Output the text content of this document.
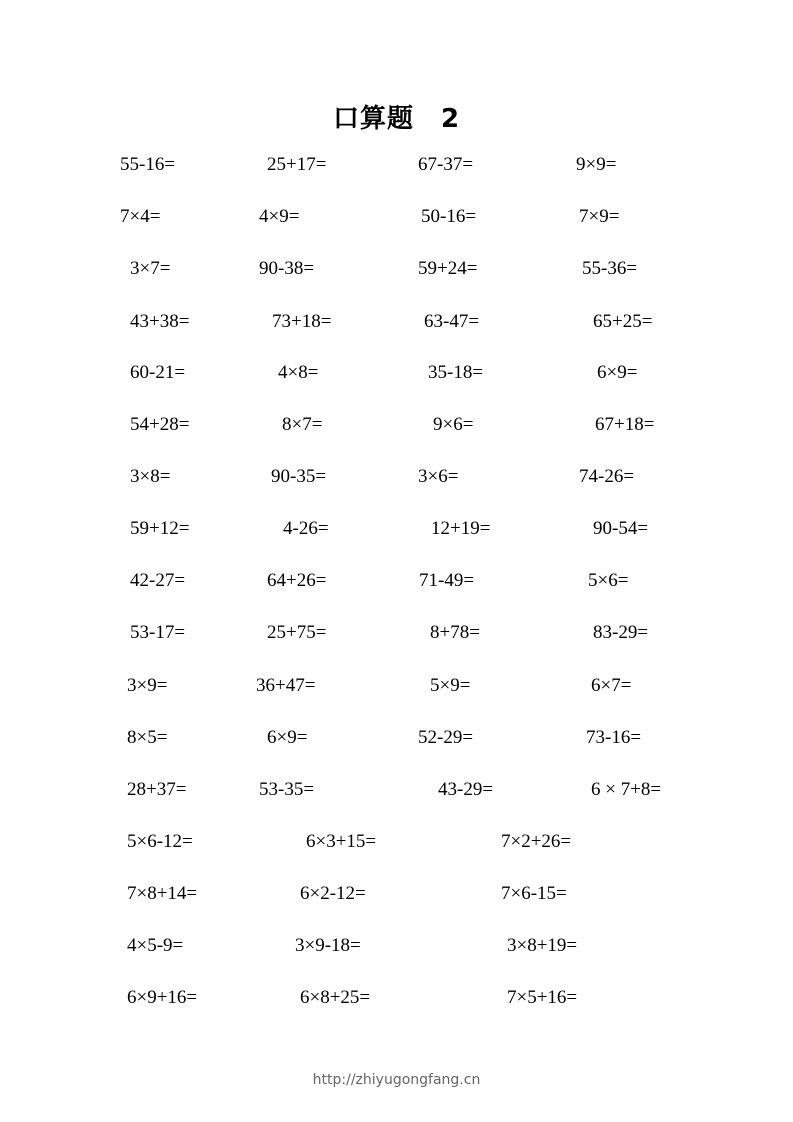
口算题　2
55-16=	25+17=	67-37=	9×9=
7×4=	4×9=	50-16=	7×9=
3×7=	90-38=	59+24=	55-36=
43+38=	73+18=	63-47=	65+25=
60-21=	4×8=	35-18=	6×9=
54+28=	8×7=	9×6=	67+18=
3×8=	90-35=	3×6=	74-26=
59+12=	4-26=	12+19=	90-54=
42-27=	64+26=	71-49=	5×6=
53-17=	25+75=	8+78=	83-29=
3×9=	36+47=	5×9=	6×7=
8×5=	6×9=	52-29=	73-16=
28+37=	53-35=	43-29=	6 × 7+8=
5×6-12=	6×3+15=	7×2+26=
7×8+14=	6×2-12=	7×6-15=
4×5-9=	3×9-18=	3×8+19=
6×9+16=	6×8+25=	7×5+16=
http://zhiyugongfang.cn
